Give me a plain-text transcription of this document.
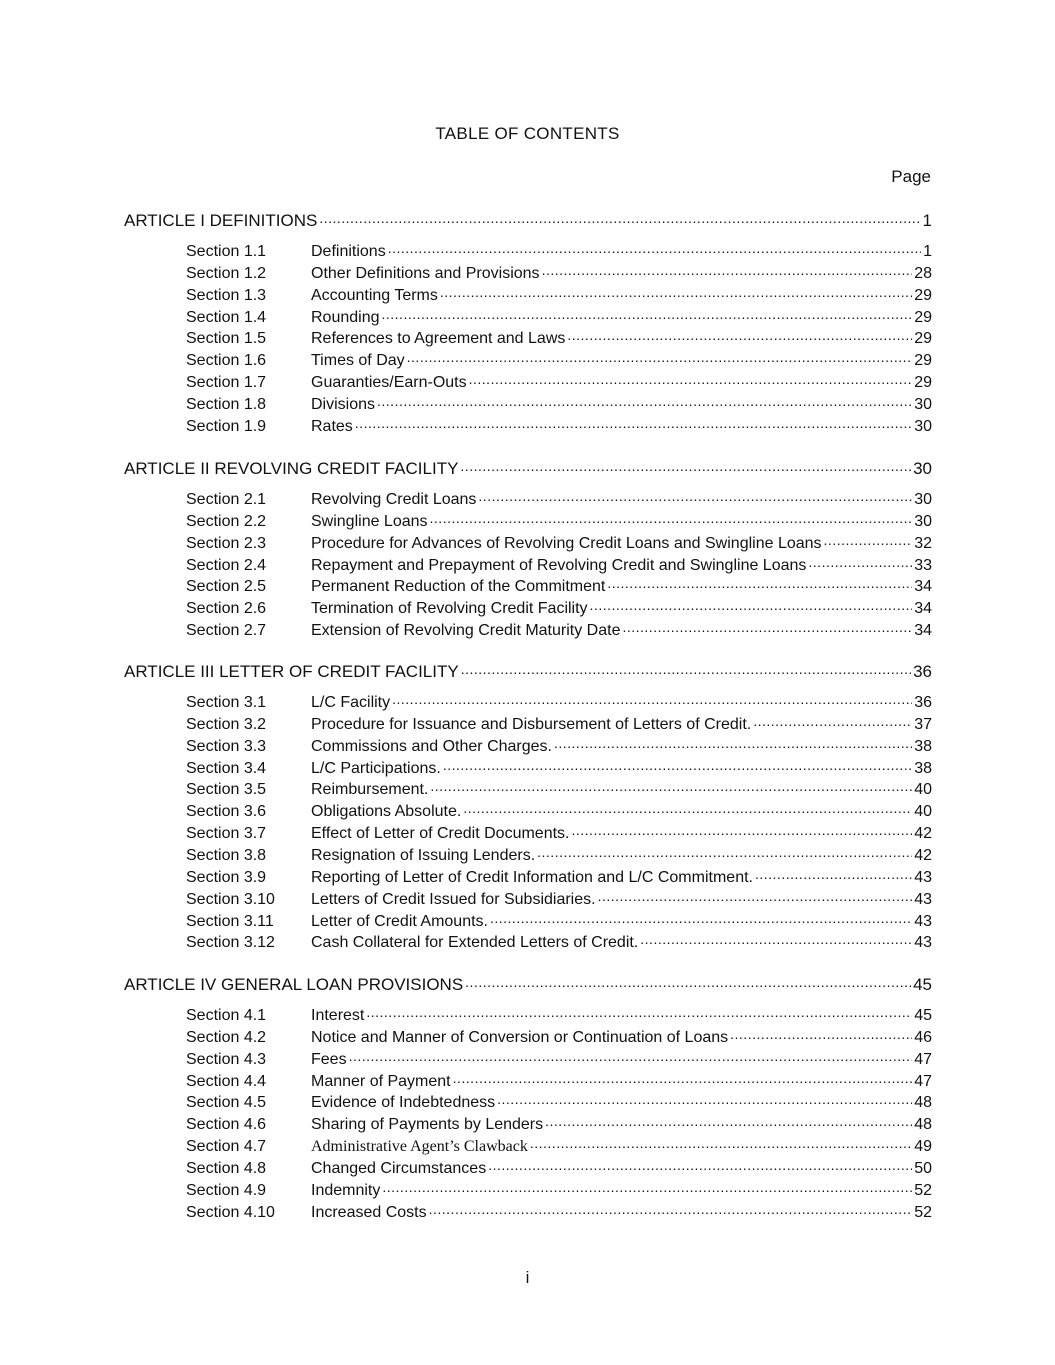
TABLE OF CONTENTS
Page
ARTICLE I DEFINITIONS .....	1
Section 1.1	Definitions .....	1
Section 1.2	Other Definitions and Provisions .....	28
Section 1.3	Accounting Terms .....	29
Section 1.4	Rounding .....	29
Section 1.5	References to Agreement and Laws .....	29
Section 1.6	Times of Day .....	29
Section 1.7	Guaranties/Earn-Outs .....	29
Section 1.8	Divisions .....	30
Section 1.9	Rates .....	30
ARTICLE II REVOLVING CREDIT FACILITY .....	30
Section 2.1	Revolving Credit Loans .....	30
Section 2.2	Swingline Loans .....	30
Section 2.3	Procedure for Advances of Revolving Credit Loans and Swingline Loans .....	32
Section 2.4	Repayment and Prepayment of Revolving Credit and Swingline Loans .....	33
Section 2.5	Permanent Reduction of the Commitment .....	34
Section 2.6	Termination of Revolving Credit Facility .....	34
Section 2.7	Extension of Revolving Credit Maturity Date .....	34
ARTICLE III LETTER OF CREDIT FACILITY .....	36
Section 3.1	L/C Facility .....	36
Section 3.2	Procedure for Issuance and Disbursement of Letters of Credit. .....	37
Section 3.3	Commissions and Other Charges. .....	38
Section 3.4	L/C Participations. .....	38
Section 3.5	Reimbursement. .....	40
Section 3.6	Obligations Absolute. .....	40
Section 3.7	Effect of Letter of Credit Documents. .....	42
Section 3.8	Resignation of Issuing Lenders. .....	42
Section 3.9	Reporting of Letter of Credit Information and L/C Commitment. .....	43
Section 3.10	Letters of Credit Issued for Subsidiaries. .....	43
Section 3.11	Letter of Credit Amounts. .....	43
Section 3.12	Cash Collateral for Extended Letters of Credit. .....	43
ARTICLE IV GENERAL LOAN PROVISIONS .....	45
Section 4.1	Interest .....	45
Section 4.2	Notice and Manner of Conversion or Continuation of Loans .....	46
Section 4.3	Fees .....	47
Section 4.4	Manner of Payment .....	47
Section 4.5	Evidence of Indebtedness .....	48
Section 4.6	Sharing of Payments by Lenders .....	48
Section 4.7	Administrative Agent’s Clawback .....	49
Section 4.8	Changed Circumstances .....	50
Section 4.9	Indemnity .....	52
Section 4.10	Increased Costs .....	52
i
